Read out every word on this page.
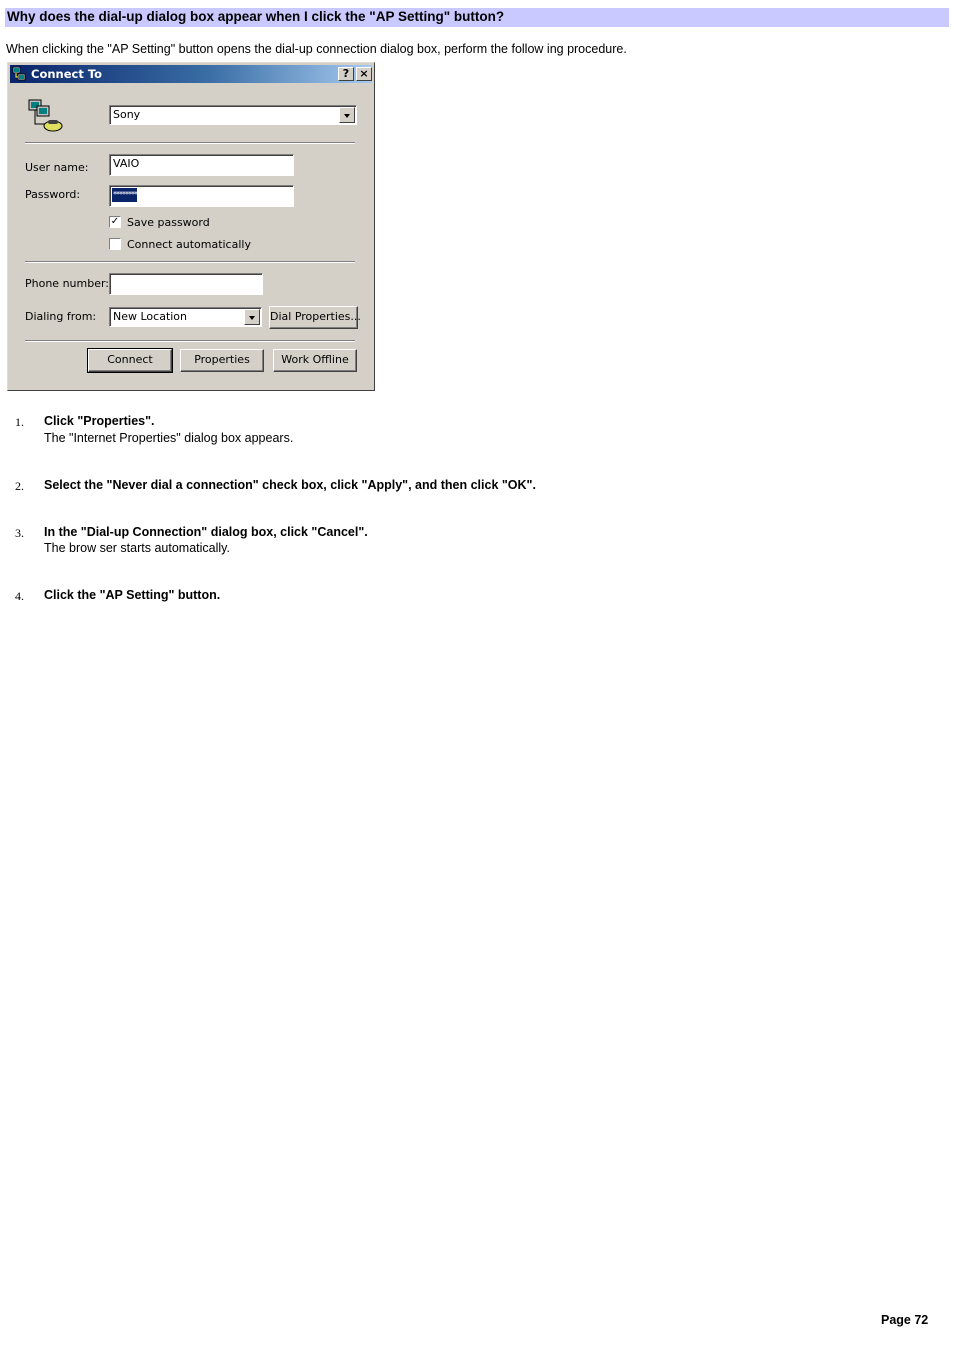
Why does the dial-up dialog box appear when I click the "AP Setting" button?
When clicking the "AP Setting" button opens the dial-up connection dialog box, perform the follow ing procedure.
Connect To	? ×
Sony
User name: VAIO
Password:	********
✓ Save password
Connect automatically
Phone number:
Dialing from: New Location	Dial Properties...
Connect	Properties	Work Offline
1. Click "Properties".
The "Internet Properties" dialog box appears.
2. Select the "Never dial a connection" check box, click "Apply", and then click "OK".
3. In the "Dial-up Connection" dialog box, click "Cancel".
The brow ser starts automatically.
4. Click the "AP Setting" button.
Page 72
